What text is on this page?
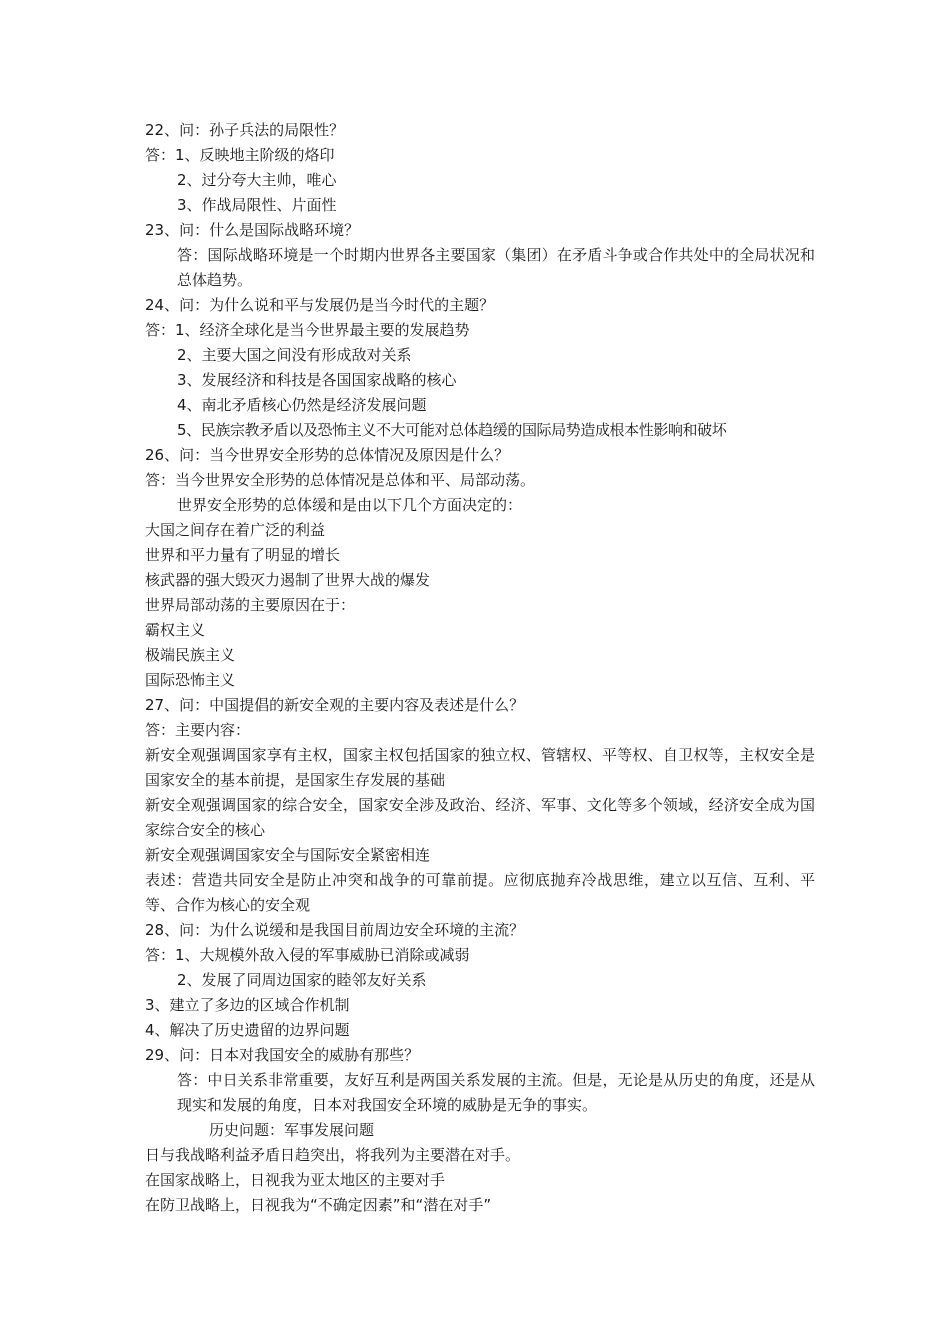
22、问：孙子兵法的局限性？

答：1、反映地主阶级的烙印

2、过分夸大主帅，唯心

3、作战局限性、片面性

23、问：什么是国际战略环境？

答：国际战略环境是一个时期内世界各主要国家（集团）在矛盾斗争或合作共处中的全局状况和总体趋势。

24、问：为什么说和平与发展仍是当今时代的主题？

答：1、经济全球化是当今世界最主要的发展趋势

2、主要大国之间没有形成敌对关系

3、发展经济和科技是各国国家战略的核心

4、南北矛盾核心仍然是经济发展问题

5、民族宗教矛盾以及恐怖主义不大可能对总体趋缓的国际局势造成根本性影响和破坏

26、问：当今世界安全形势的总体情况及原因是什么？

答：当今世界安全形势的总体情况是总体和平、局部动荡。

世界安全形势的总体缓和是由以下几个方面决定的：

大国之间存在着广泛的利益

世界和平力量有了明显的增长

核武器的强大毁灭力遏制了世界大战的爆发

世界局部动荡的主要原因在于：

霸权主义

极端民族主义

国际恐怖主义

27、问：中国提倡的新安全观的主要内容及表述是什么？

答：主要内容：

新安全观强调国家享有主权，国家主权包括国家的独立权、管辖权、平等权、自卫权等，主权安全是国家安全的基本前提，是国家生存发展的基础

新安全观强调国家的综合安全，国家安全涉及政治、经济、军事、文化等多个领域，经济安全成为国家综合安全的核心

新安全观强调国家安全与国际安全紧密相连

表述：营造共同安全是防止冲突和战争的可靠前提。应彻底抛弃冷战思维，建立以互信、互利、平等、合作为核心的安全观

28、问：为什么说缓和是我国目前周边安全环境的主流？

答：1、大规模外敌入侵的军事威胁已消除或减弱

2、发展了同周边国家的睦邻友好关系

3、建立了多边的区域合作机制

4、解决了历史遗留的边界问题

29、问：日本对我国安全的威胁有那些？

答：中日关系非常重要，友好互利是两国关系发展的主流。但是，无论是从历史的角度，还是从现实和发展的角度，日本对我国安全环境的威胁是无争的事实。

历史问题：军事发展问题

日与我战略利益矛盾日趋突出，将我列为主要潜在对手。

在国家战略上，日视我为亚太地区的主要对手

在防卫战略上，日视我为“不确定因素”和“潜在对手”
